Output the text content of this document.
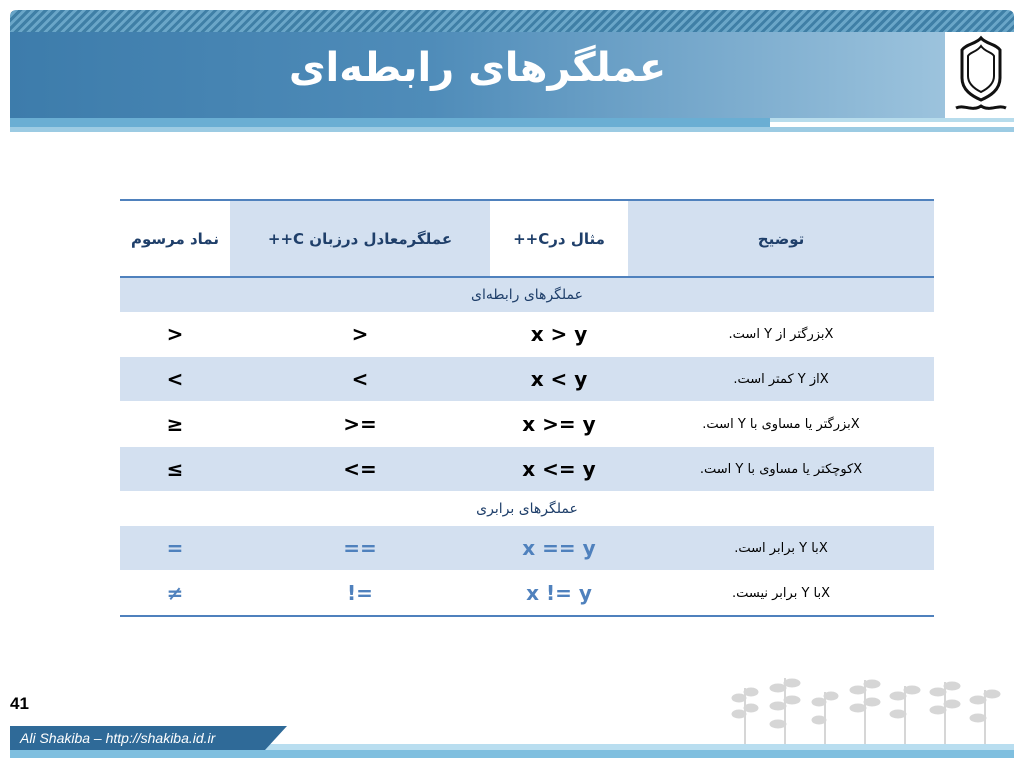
عملگرهای رابطه‌ای
توضیح	مثال درC++	عملگرمعادل درزبان C++	نماد مرسوم
عملگرهای رابطه‌ای			
Xبزرگتر از Y است.	x > y	>	>
Xاز Y کمتر است.	x < y	<	<
Xبزرگتر یا مساوی با Y است.	x >= y	>=	≥
Xکوچکتر یا مساوی با Y است.	x <= y	<=	≤
عملگرهای برابری			
Xبا Y برابر است.	x == y	==	=
Xبا Y برابر نیست.	x != y	!=	≠
41
Ali Shakiba – http://shakiba.id.ir
